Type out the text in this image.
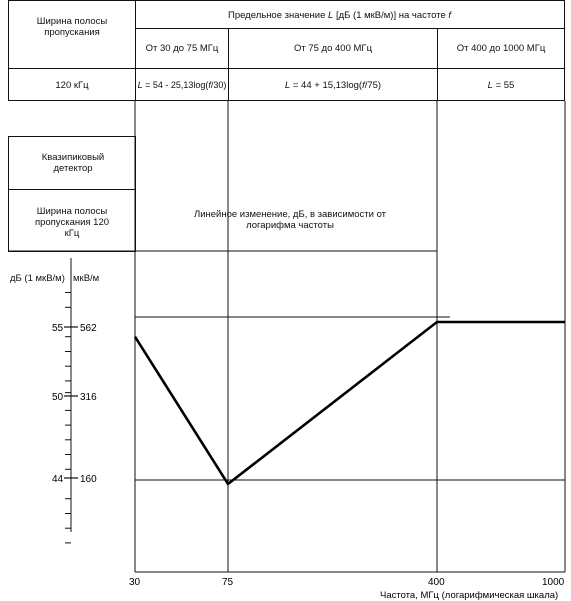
Ширина полосы пропускания
Предельное значение L [дБ (1 мкВ/м)] на частоте f
От 30 до 75 МГц	От 75 до 400 МГц	От 400 до 1000 МГц
120 кГц	L = 54 - 25,13log(f/30)	L = 44 + 15,13log(f/75)	L = 55
Квазипиковый детектор
Ширина полосы пропускания 120 кГц
Линейное изменение, дБ, в зависимости от логарифма частоты
дБ (1 мкВ/м) мкВ/м
55 562
50 316
44 160
30	75	400	1000
Частота, МГц (логарифмическая шкала)
